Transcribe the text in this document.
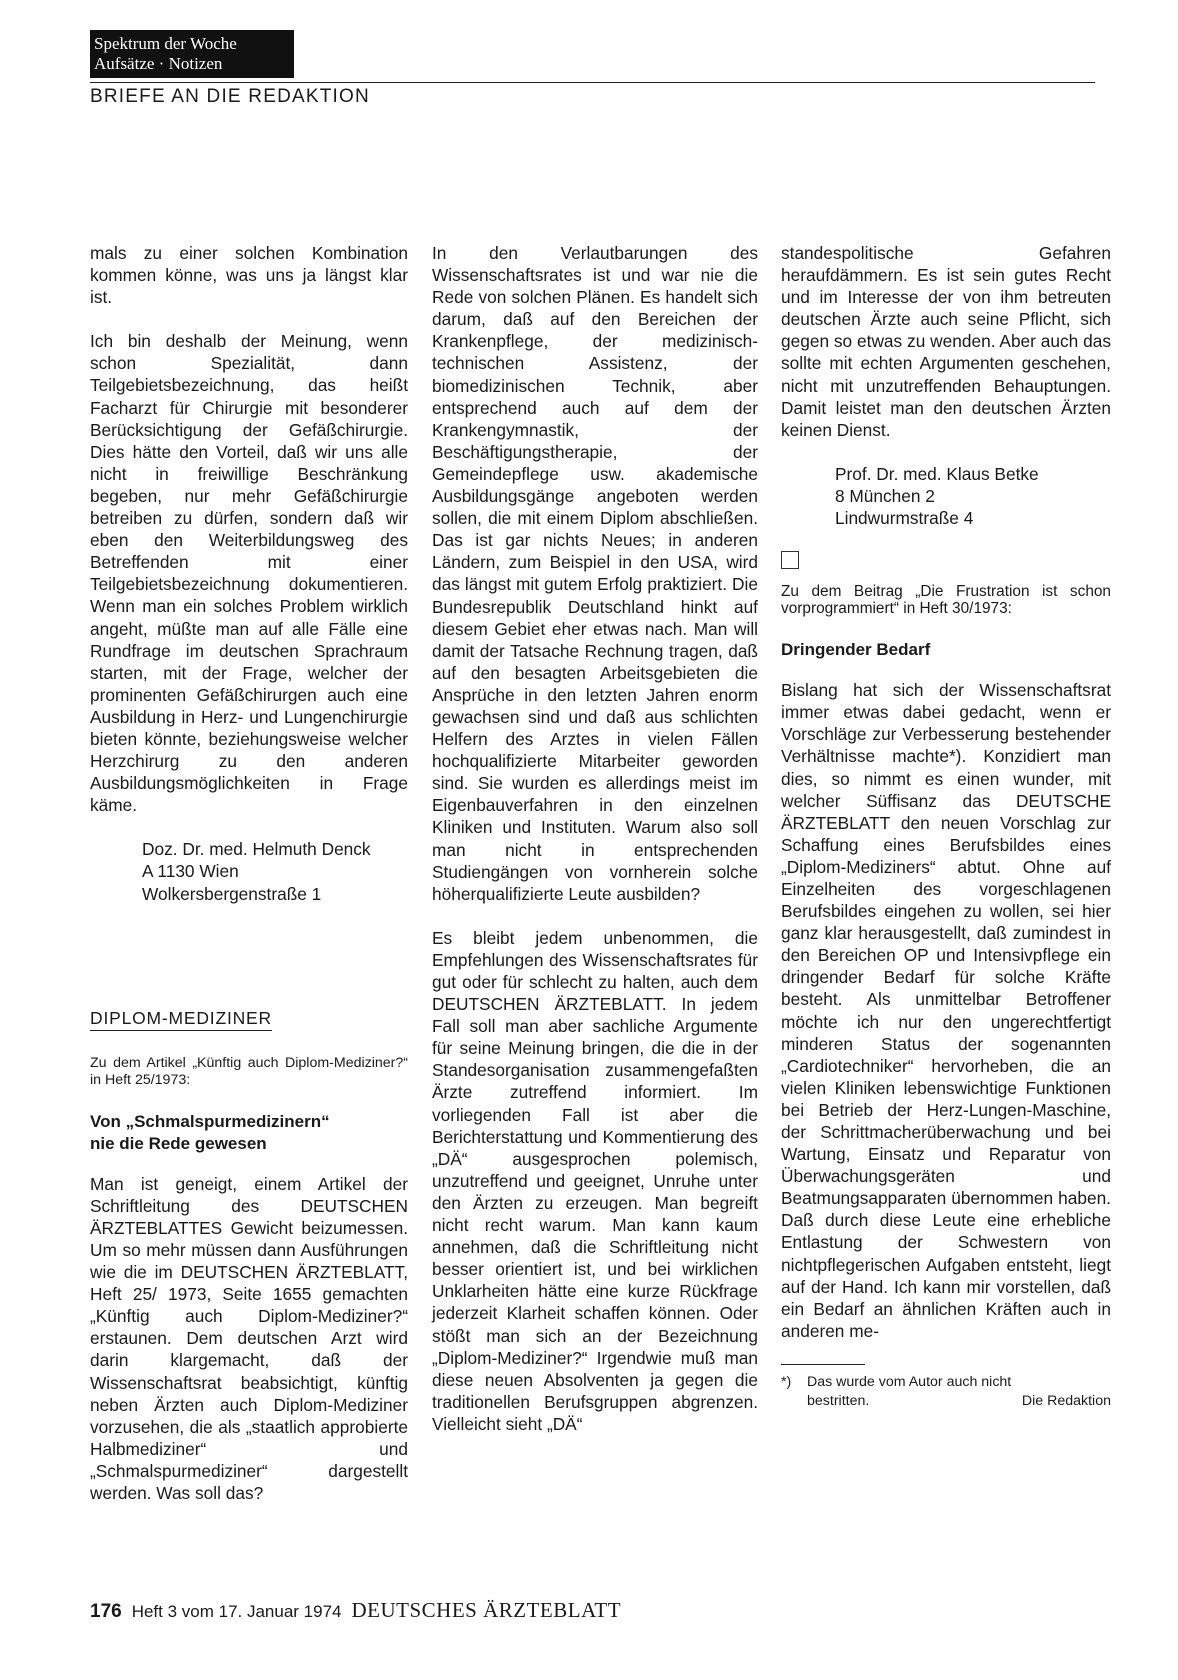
Spektrum der Woche
Aufsätze · Notizen
BRIEFE AN DIE REDAKTION

mals zu einer solchen Kombination kommen könne, was uns ja längst klar ist.

Ich bin deshalb der Meinung, wenn schon Spezialität, dann Teilgebietsbezeichnung, das heißt Facharzt für Chirurgie mit besonderer Berücksichtigung der Gefäßchirurgie. Dies hätte den Vorteil, daß wir uns alle nicht in freiwillige Beschränkung begeben, nur mehr Gefäßchirurgie betreiben zu dürfen, sondern daß wir eben den Weiterbildungsweg des Betreffenden mit einer Teilgebietsbezeichnung dokumentieren. Wenn man ein solches Problem wirklich angeht, müßte man auf alle Fälle eine Rundfrage im deutschen Sprachraum starten, mit der Frage, welcher der prominenten Gefäßchirurgen auch eine Ausbildung in Herz- und Lungenchirurgie bieten könnte, beziehungsweise welcher Herzchirurg zu den anderen Ausbildungsmöglichkeiten in Frage käme.

Doz. Dr. med. Helmuth Denck
A 1130 Wien
Wolkersbergenstraße 1
DIPLOM-MEDIZINER

Zu dem Artikel „Künftig auch Diplom-Mediziner?“ in Heft 25/1973:

Von „Schmalspurmedizinern“
nie die Rede gewesen

Man ist geneigt, einem Artikel der Schriftleitung des DEUTSCHEN ÄRZTEBLATTES Gewicht beizumessen. Um so mehr müssen dann Ausführungen wie die im DEUTSCHEN ÄRZTEBLATT, Heft 25/ 1973, Seite 1655 gemachten „Künftig auch Diplom-Mediziner?“ erstaunen. Dem deutschen Arzt wird darin klargemacht, daß der Wissenschaftsrat beabsichtigt, künftig neben Ärzten auch Diplom-Mediziner vorzusehen, die als „staatlich approbierte Halbmediziner“ und „Schmalspurmediziner“ dargestellt werden. Was soll das?

In den Verlautbarungen des Wissenschaftsrates ist und war nie die Rede von solchen Plänen. Es handelt sich darum, daß auf den Bereichen der Krankenpflege, der medizinisch-technischen Assistenz, der biomedizinischen Technik, aber entsprechend auch auf dem der Krankengymnastik, der Beschäftigungstherapie, der Gemeindepflege usw. akademische Ausbildungsgänge angeboten werden sollen, die mit einem Diplom abschließen. Das ist gar nichts Neues; in anderen Ländern, zum Beispiel in den USA, wird das längst mit gutem Erfolg praktiziert. Die Bundesrepublik Deutschland hinkt auf diesem Gebiet eher etwas nach. Man will damit der Tatsache Rechnung tragen, daß auf den besagten Arbeitsgebieten die Ansprüche in den letzten Jahren enorm gewachsen sind und daß aus schlichten Helfern des Arztes in vielen Fällen hochqualifizierte Mitarbeiter geworden sind. Sie wurden es allerdings meist im Eigenbauverfahren in den einzelnen Kliniken und Instituten. Warum also soll man nicht in entsprechenden Studiengängen von vornherein solche höherqualifizierte Leute ausbilden?

Es bleibt jedem unbenommen, die Empfehlungen des Wissenschaftsrates für gut oder für schlecht zu halten, auch dem DEUTSCHEN ÄRZTEBLATT. In jedem Fall soll man aber sachliche Argumente für seine Meinung bringen, die die in der Standesorganisation zusammengefaßten Ärzte zutreffend informiert. Im vorliegenden Fall ist aber die Berichterstattung und Kommentierung des „DÄ“ ausgesprochen polemisch, unzutreffend und geeignet, Unruhe unter den Ärzten zu erzeugen. Man begreift nicht recht warum. Man kann kaum annehmen, daß die Schriftleitung nicht besser orientiert ist, und bei wirklichen Unklarheiten hätte eine kurze Rückfrage jederzeit Klarheit schaffen können. Oder stößt man sich an der Bezeichnung „Diplom-Mediziner?“ Irgendwie muß man diese neuen Absolventen ja gegen die traditionellen Berufsgruppen abgrenzen. Vielleicht sieht „DÄ“

standespolitische Gefahren heraufdämmern. Es ist sein gutes Recht und im Interesse der von ihm betreuten deutschen Ärzte auch seine Pflicht, sich gegen so etwas zu wenden. Aber auch das sollte mit echten Argumenten geschehen, nicht mit unzutreffenden Behauptungen. Damit leistet man den deutschen Ärzten keinen Dienst.

Prof. Dr. med. Klaus Betke
8 München 2
Lindwurmstraße 4

Zu dem Beitrag „Die Frustration ist schon vorprogrammiert“ in Heft 30/1973:

Dringender Bedarf

Bislang hat sich der Wissenschaftsrat immer etwas dabei gedacht, wenn er Vorschläge zur Verbesserung bestehender Verhältnisse machte*). Konzidiert man dies, so nimmt es einen wunder, mit welcher Süffisanz das DEUTSCHE ÄRZTEBLATT den neuen Vorschlag zur Schaffung eines Berufsbildes eines „Diplom-Mediziners“ abtut. Ohne auf Einzelheiten des vorgeschlagenen Berufsbildes eingehen zu wollen, sei hier ganz klar herausgestellt, daß zumindest in den Bereichen OP und Intensivpflege ein dringender Bedarf für solche Kräfte besteht. Als unmittelbar Betroffener möchte ich nur den ungerechtfertigt minderen Status der sogenannten „Cardiotechniker“ hervorheben, die an vielen Kliniken lebenswichtige Funktionen bei Betrieb der Herz-Lungen-Maschine, der Schrittmacherüberwachung und bei Wartung, Einsatz und Reparatur von Überwachungsgeräten und Beatmungsapparaten übernommen haben. Daß durch diese Leute eine erhebliche Entlastung der Schwestern von nichtpflegerischen Aufgaben entsteht, liegt auf der Hand. Ich kann mir vorstellen, daß ein Bedarf an ähnlichen Kräften auch in anderen me-

*)	Das wurde vom Autor auch nicht
bestritten.	Die Redaktion
176 Heft 3 vom 17. Januar 1974 DEUTSCHES ÄRZTEBLATT
